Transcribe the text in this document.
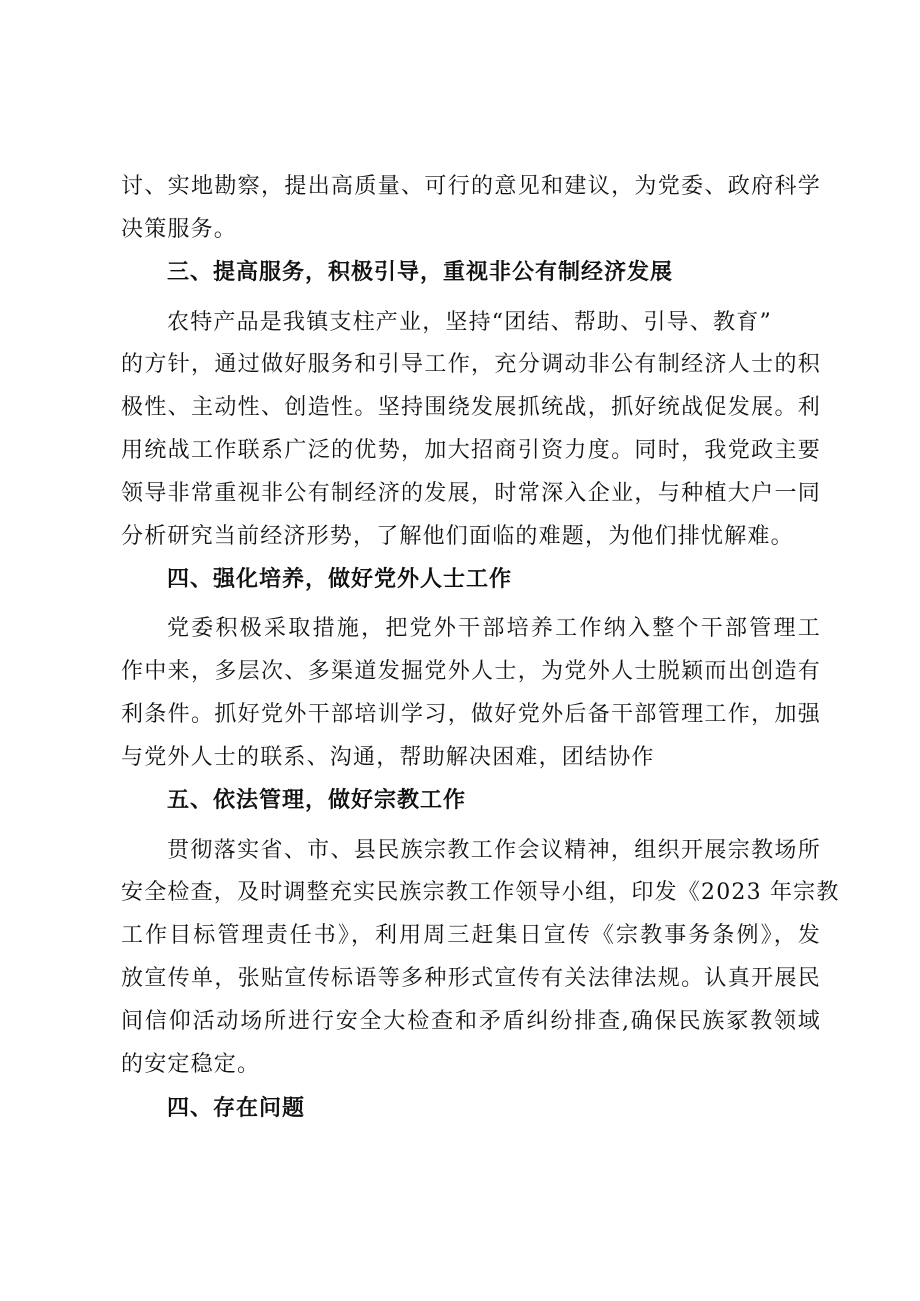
讨、实地勘察，提出高质量、可行的意见和建议，为党委、政府科学
决策服务。
三、提高服务，积极引导，重视非公有制经济发展
农特产品是我镇支柱产业，坚持“团结、帮助、引导、教育”
的方针，通过做好服务和引导工作，充分调动非公有制经济人士的积
极性、主动性、创造性。坚持围绕发展抓统战，抓好统战促发展。利
用统战工作联系广泛的优势，加大招商引资力度。同时，我党政主要
领导非常重视非公有制经济的发展，时常深入企业，与种植大户一同
分析研究当前经济形势，了解他们面临的难题，为他们排忧解难。
四、强化培养，做好党外人士工作
党委积极采取措施，把党外干部培养工作纳入整个干部管理工
作中来，多层次、多渠道发掘党外人士，为党外人士脱颖而出创造有
利条件。抓好党外干部培训学习，做好党外后备干部管理工作，加强
与党外人士的联系、沟通，帮助解决困难，团结协作
五、依法管理，做好宗教工作
贯彻落实省、市、县民族宗教工作会议精神，组织开展宗教场所
安全检查，及时调整充实民族宗教工作领导小组，印发《2023 年宗教
工作目标管理责任书》，利用周三赶集日宣传《宗教事务条例》，发
放宣传单，张贴宣传标语等多种形式宣传有关法律法规。认真开展民
间信仰活动场所进行安全大检查和矛盾纠纷排查,确保民族冢教领域
的安定稳定。
四、存在问题
